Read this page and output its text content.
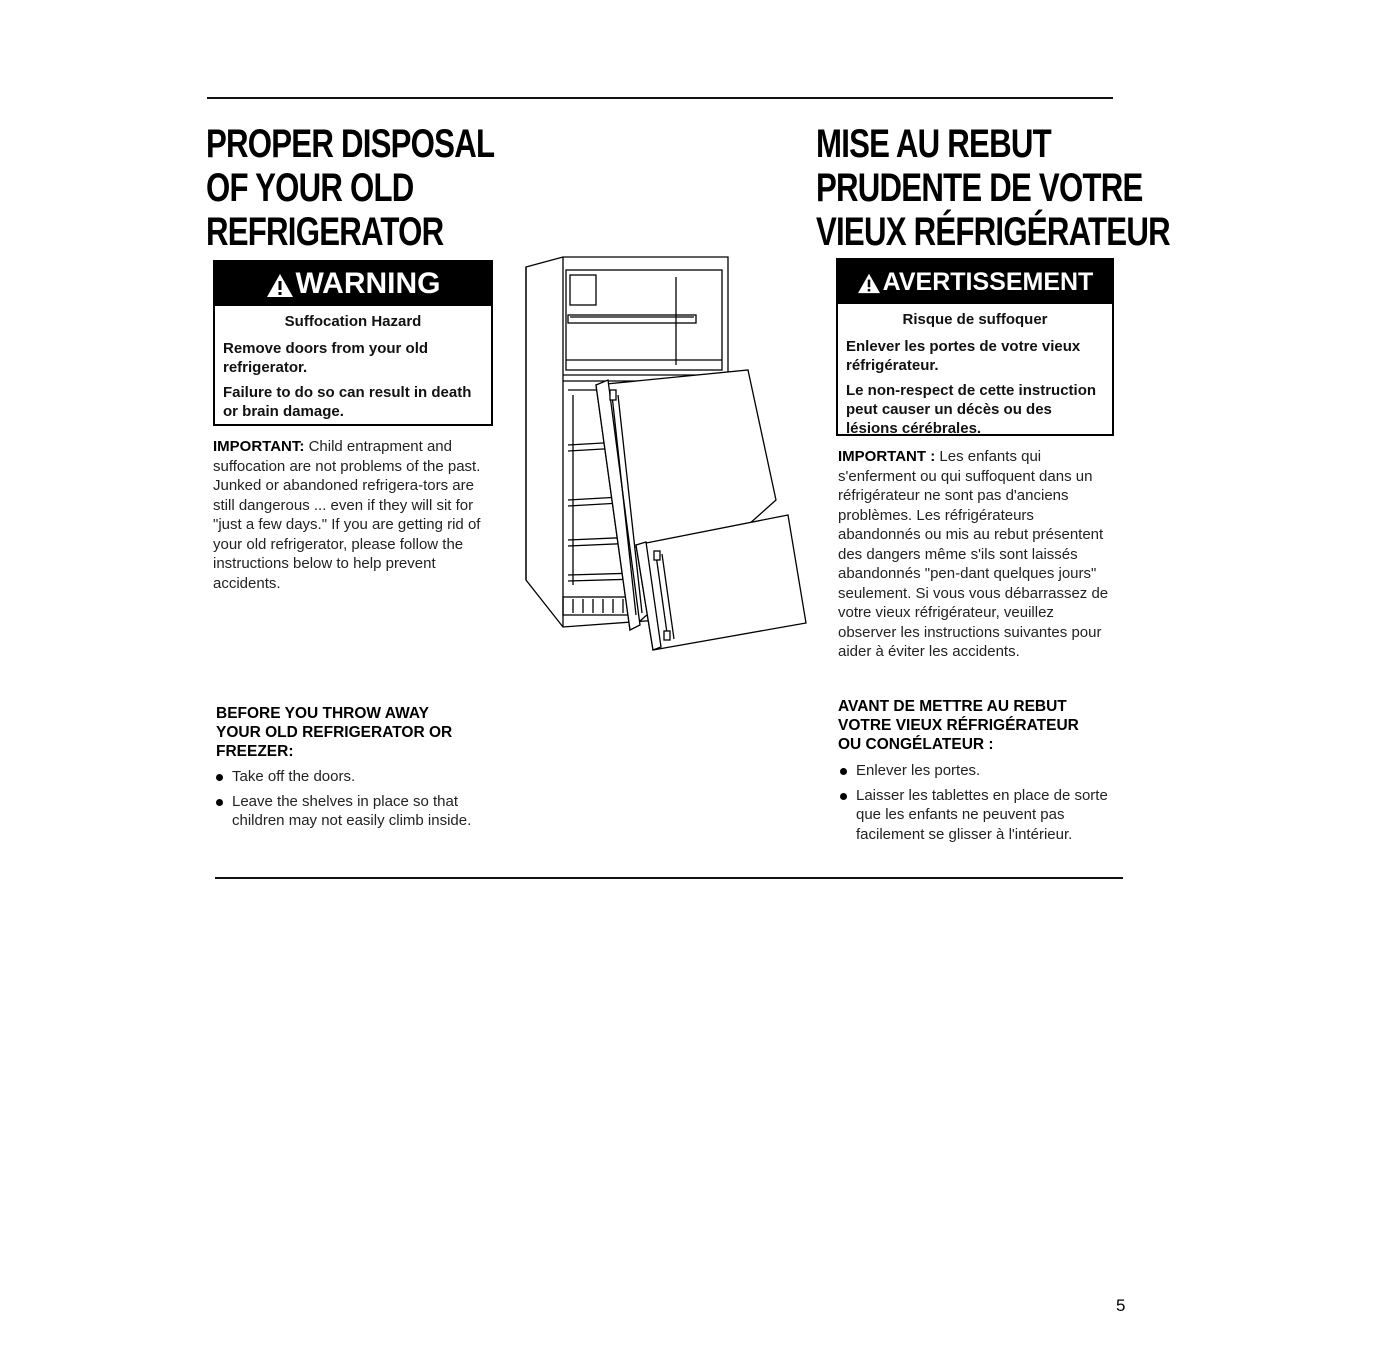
PROPER DISPOSAL
OF YOUR OLD
REFRIGERATOR
WARNING
Suffocation Hazard

Remove doors from your old refrigerator.

Failure to do so can result in death or brain damage.

IMPORTANT: Child entrapment and suffocation are not problems of the past. Junked or abandoned refrigera-tors are still dangerous ... even if they will sit for "just a few days." If you are getting rid of your old refrigerator, please follow the instructions below to help prevent accidents.
BEFORE YOU THROW AWAY YOUR OLD REFRIGERATOR OR FREEZER:
Take off the doors.
Leave the shelves in place so that children may not easily climb inside.
MISE AU REBUT
PRUDENTE DE VOTRE
VIEUX RÉFRIGÉRATEUR
AVERTISSEMENT
Risque de suffoquer

Enlever les portes de votre vieux réfrigérateur.

Le non-respect de cette instruction peut causer un décès ou des lésions cérébrales.

IMPORTANT : Les enfants qui s'enferment ou qui suffoquent dans un réfrigérateur ne sont pas d'anciens problèmes. Les réfrigérateurs abandonnés ou mis au rebut présentent des dangers même s'ils sont laissés abandonnés "pen-dant quelques jours" seulement. Si vous vous débarrassez de votre vieux réfrigérateur, veuillez observer les instructions suivantes pour aider à éviter les accidents.
AVANT DE METTRE AU REBUT VOTRE VIEUX RÉFRIGÉRATEUR OU CONGÉLATEUR :
Enlever les portes.
Laisser les tablettes en place de sorte que les enfants ne peuvent pas facilement se glisser à l'intérieur.
5
